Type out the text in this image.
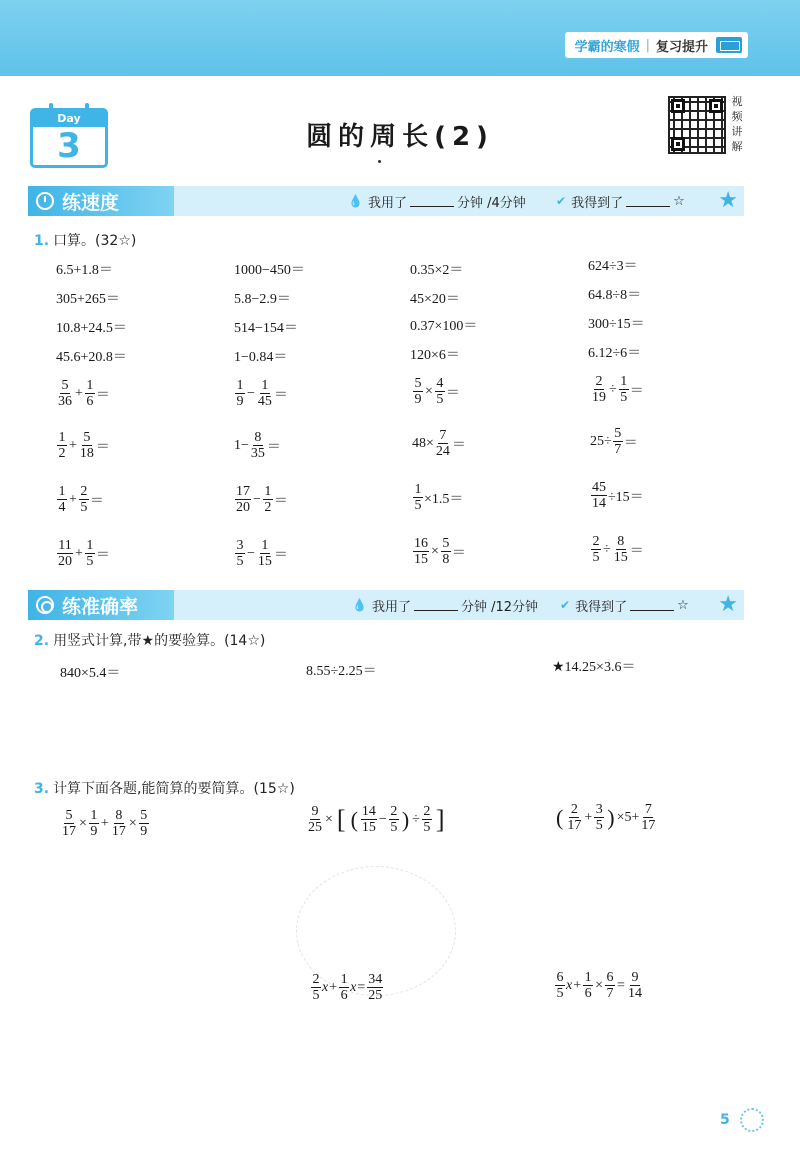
学霸的寒假 | 复习提升
Day
3	圆的周长(2)
视
频
讲
解
练速度	💧 我用了	分钟 /4分钟	✔ 我得到了	☆ ★
1. 口算。(32☆)
6.5+1.8＝	1000−450＝	0.35×2＝	624÷3＝
305+265＝	5.8−2.9＝	45×20＝	64.8÷8＝
10.8+24.5＝	514−154＝	0.37×100＝	300÷15＝
45.6+20.8＝	1−0.84＝	120×6＝	6.12÷6＝
$\frac{5}{36} + \frac{1}{6}$ ＝	$\frac{1}{9} - \frac{1}{45}$ ＝	$\frac{5}{9} \times \frac{4}{5}$ ＝	$\frac{2}{19} \div \frac{1}{5}$ ＝
$\frac{1}{2} + \frac{5}{18}$ ＝	$1- \frac{8}{35}$ ＝	$48\times \frac{7}{24}$ ＝	$25\div \frac{5}{7}$ ＝
$\frac{1}{4} + \frac{2}{5}$ ＝	$\frac{17}{20} - \frac{1}{2}$ ＝	$\frac{1}{5} \times 1.5=$	$\frac{45}{14} \div 15=$
$\frac{11}{20} + \frac{1}{5}$ ＝	$\frac{3}{5} - \frac{1}{15}$ ＝	$\frac{16}{15} \times \frac{5}{8}$ ＝	$\frac{2}{5} \div \frac{8}{15}$ ＝
练准确率	💧 我用了	分钟 /12分钟 ✔ 我得到了	☆ ★
2. 用竖式计算,带★的要验算。(14☆)
840×5.4＝	8.55÷2.25＝	★14.25×3.6＝
3. 计算下面各题,能简算的要简算。(15☆)
$\frac{5}{17} \times \frac{1}{9} + \frac{8}{17} \times \frac{5}{9}$	$\frac{9}{25}$ × [ ( $\frac{14}{15} - \frac{2}{5}$ ) ÷ $\frac{2}{5}$ ]	( $\frac{2}{17} + \frac{3}{5}$ ) $\times 5+ \frac{7}{17}$
$\frac{2}{5}$ $x + \frac{1}{6}$ $x = \frac{34}{25}$	$\frac{6}{5}$ $x + \frac{1}{6} \times \frac{6}{7} = \frac{9}{14}$
5
